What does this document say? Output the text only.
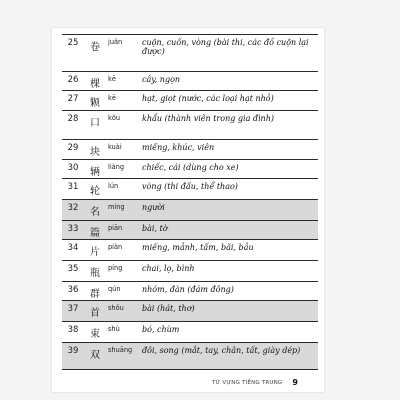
25	卷	juǎn	cuộn, cuốn, vòng (bài thi, các đồ cuộn lại được)
26	棵	kē	cây, ngọn
27	颗	kē	hạt, giọt (nước, các loại hạt nhỏ)
28	口	kǒu	khẩu (thành viên trong gia đình)
29	块	kuài	miếng, khúc, viên
30	辆	liàng	chiếc, cái (dùng cho xe)
31	轮	lún	vòng (thi đấu, thể thao)
32	名	míng	người
33	篇	piān	bài, tờ
34	片	piàn	miếng, mảnh, tấm, bãi, bầu
35	瓶	píng	chai, lọ, bình
36	群	qún	nhóm, đàn (đám đông)
37	首	shǒu	bài (hát, thơ)
38	束	shù	bó, chùm
39	双	shuāng	đôi, song (mắt, tay, chân, tất, giày dép)
TỪ VỰNG TIẾNG TRUNG 9
